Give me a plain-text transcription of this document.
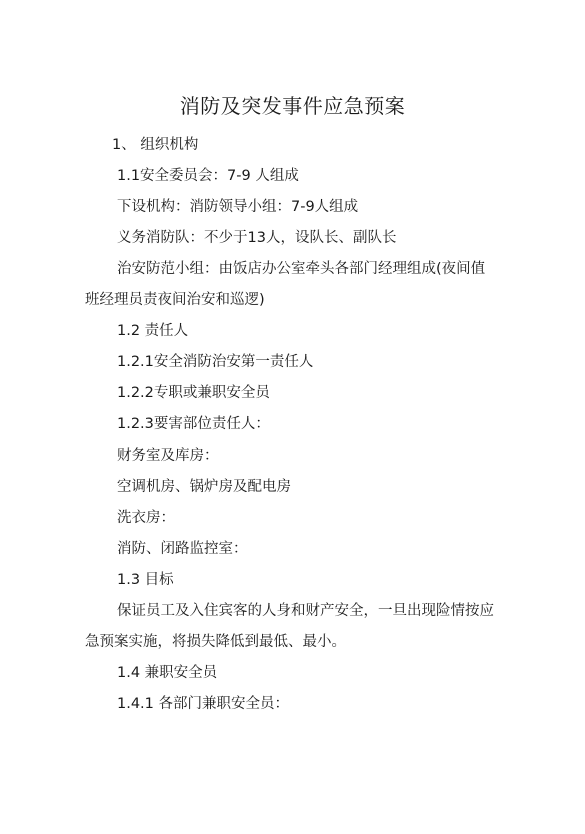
消防及突发事件应急预案
1、 组织机构
1.1安全委员会：7-9 人组成
下设机构：消防领导小组：7-9人组成
义务消防队：不少于13人，设队长、副队长
治安防范小组：由饭店办公室牵头各部门经理组成(夜间值
班经理员责夜间治安和巡逻)
1.2 责任人
1.2.1安全消防治安第一责任人
1.2.2专职或兼职安全员
1.2.3要害部位责任人：
财务室及库房：
空调机房、锅炉房及配电房
洗衣房：
消防、闭路监控室：
1.3 目标
保证员工及入住宾客的人身和财产安全，一旦出现险情按应
急预案实施，将损失降低到最低、最小。
1.4 兼职安全员
1.4.1 各部门兼职安全员：
